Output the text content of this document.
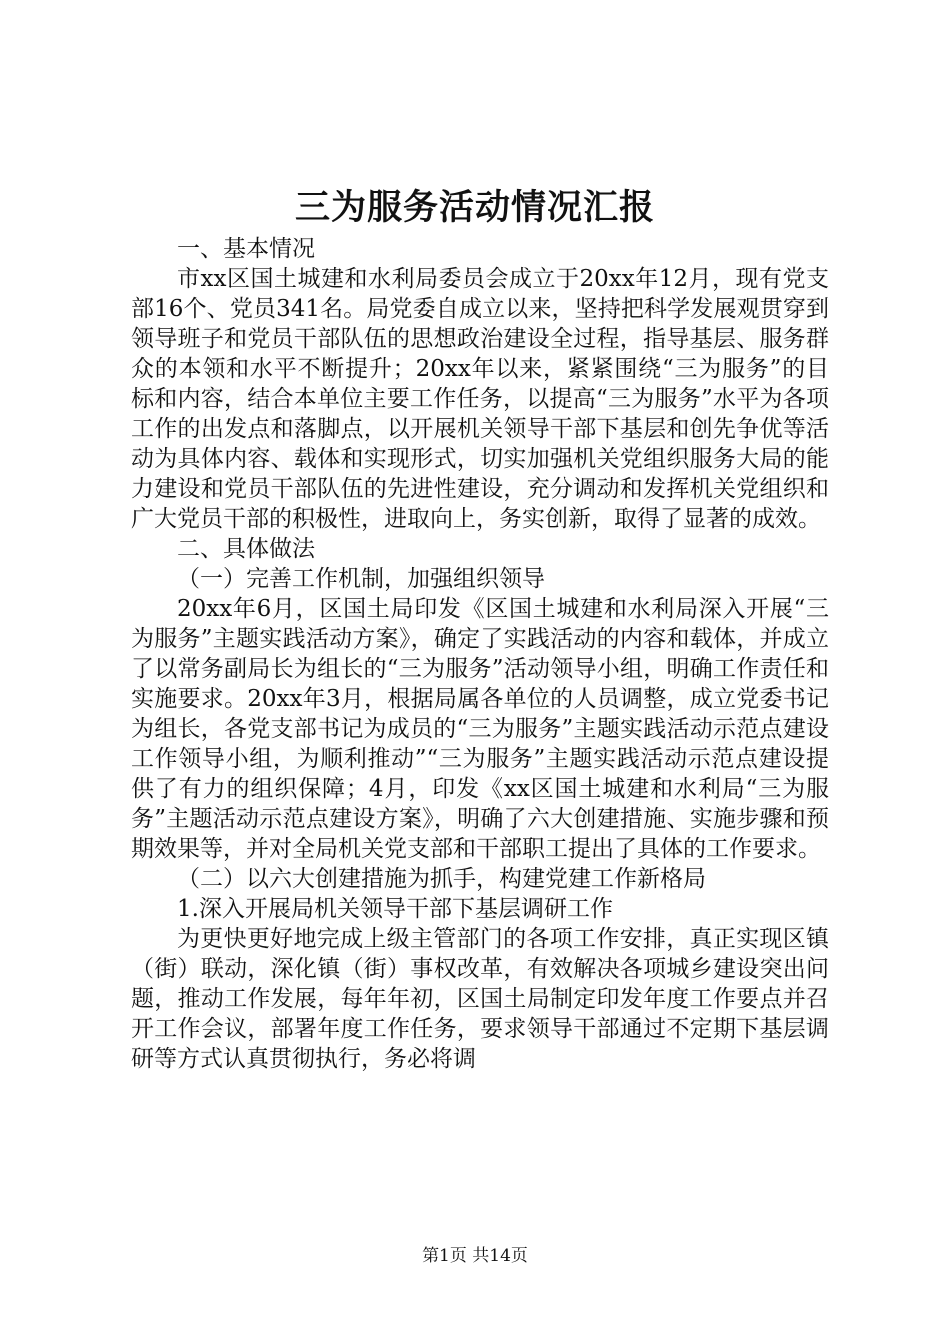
三为服务活动情况汇报

一、基本情况

市xx区国土城建和水利局委员会成立于20xx年12月，现有党支部16个、党员341名。局党委自成立以来，坚持把科学发展观贯穿到领导班子和党员干部队伍的思想政治建设全过程，指导基层、服务群众的本领和水平不断提升；20xx年以来，紧紧围绕“三为服务”的目标和内容，结合本单位主要工作任务，以提高“三为服务”水平为各项工作的出发点和落脚点，以开展机关领导干部下基层和创先争优等活动为具体内容、载体和实现形式，切实加强机关党组织服务大局的能力建设和党员干部队伍的先进性建设，充分调动和发挥机关党组织和广大党员干部的积极性，进取向上，务实创新，取得了显著的成效。

二、具体做法

（一）完善工作机制，加强组织领导

20xx年6月，区国土局印发《区国土城建和水利局深入开展“三为服务”主题实践活动方案》，确定了实践活动的内容和载体，并成立了以常务副局长为组长的“三为服务”活动领导小组，明确工作责任和实施要求。20xx年3月，根据局属各单位的人员调整，成立党委书记为组长，各党支部书记为成员的“三为服务”主题实践活动示范点建设工作领导小组，为顺利推动”“三为服务”主题实践活动示范点建设提供了有力的组织保障；4月，印发《xx区国土城建和水利局“三为服务”主题活动示范点建设方案》，明确了六大创建措施、实施步骤和预期效果等，并对全局机关党支部和干部职工提出了具体的工作要求。

（二）以六大创建措施为抓手，构建党建工作新格局

1.深入开展局机关领导干部下基层调研工作

为更快更好地完成上级主管部门的各项工作安排，真正实现区镇（街）联动，深化镇（街）事权改革，有效解决各项城乡建设突出问题，推动工作发展，每年年初，区国土局制定印发年度工作要点并召开工作会议，部署年度工作任务，要求领导干部通过不定期下基层调研等方式认真贯彻执行，务必将调

第1页 共14页
